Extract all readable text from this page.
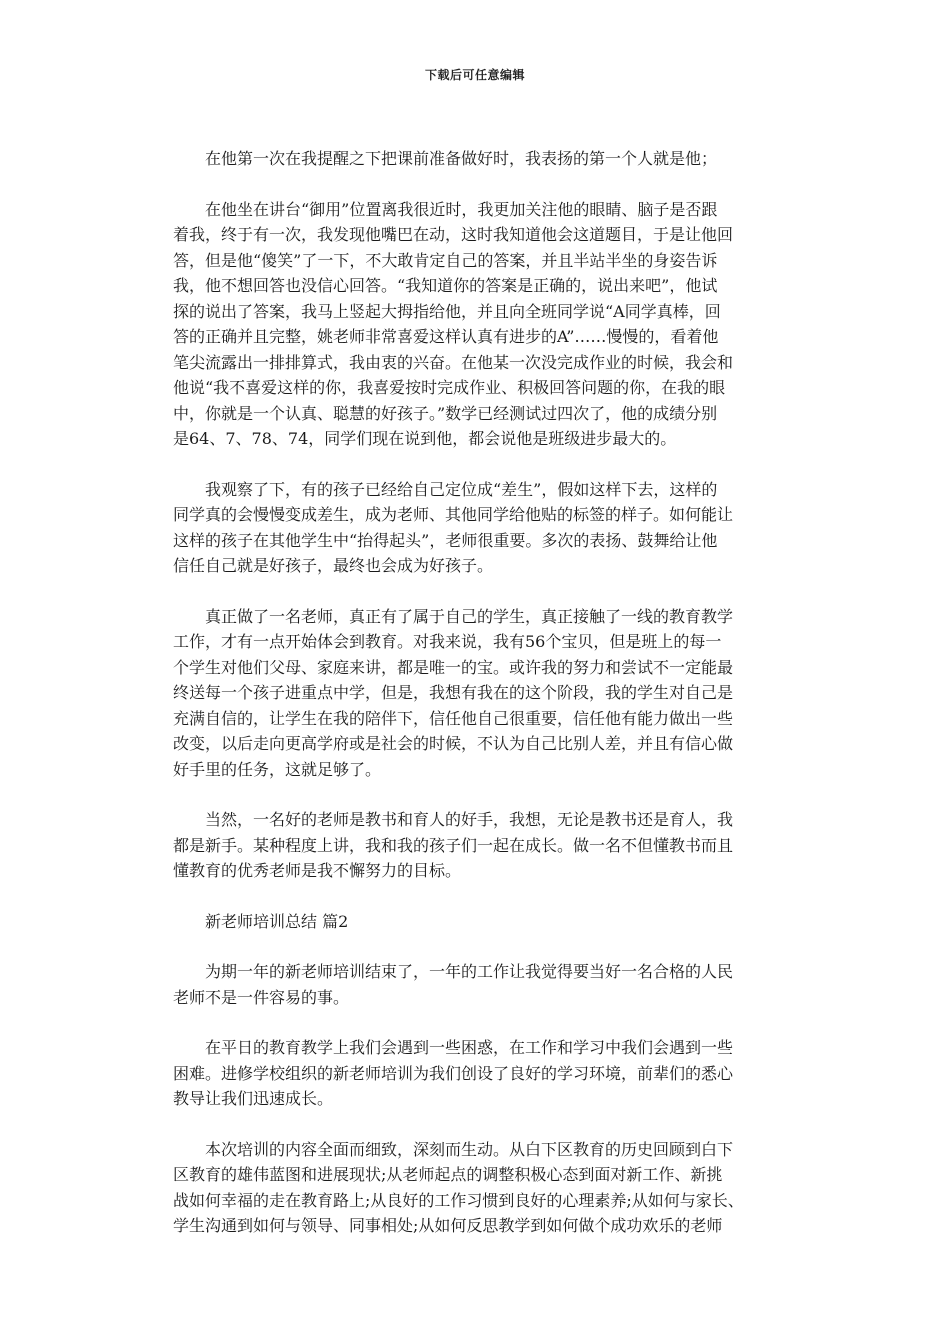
下载后可任意编辑

在他第一次在我提醒之下把课前准备做好时，我表扬的第一个人就是他；

在他坐在讲台“御用”位置离我很近时，我更加关注他的眼睛、脑子是否跟
着我，终于有一次，我发现他嘴巴在动，这时我知道他会这道题目，于是让他回
答，但是他“傻笑”了一下，不大敢肯定自己的答案，并且半站半坐的身姿告诉
我，他不想回答也没信心回答。“我知道你的答案是正确的，说出来吧”，他试
探的说出了答案，我马上竖起大拇指给他，并且向全班同学说“A同学真棒，回
答的正确并且完整，姚老师非常喜爱这样认真有进步的A”……慢慢的，看着他
笔尖流露出一排排算式，我由衷的兴奋。在他某一次没完成作业的时候，我会和
他说“我不喜爱这样的你，我喜爱按时完成作业、积极回答问题的你，在我的眼
中，你就是一个认真、聪慧的好孩子。”数学已经测试过四次了，他的成绩分别
是64、7、78、74，同学们现在说到他，都会说他是班级进步最大的。

我观察了下，有的孩子已经给自己定位成“差生”，假如这样下去，这样的
同学真的会慢慢变成差生，成为老师、其他同学给他贴的标签的样子。如何能让
这样的孩子在其他学生中“抬得起头”，老师很重要。多次的表扬、鼓舞给让他
信任自己就是好孩子，最终也会成为好孩子。

真正做了一名老师，真正有了属于自己的学生，真正接触了一线的教育教学
工作，才有一点开始体会到教育。对我来说，我有56个宝贝，但是班上的每一
个学生对他们父母、家庭来讲，都是唯一的宝。或许我的努力和尝试不一定能最
终送每一个孩子进重点中学，但是，我想有我在的这个阶段，我的学生对自己是
充满自信的，让学生在我的陪伴下，信任他自己很重要，信任他有能力做出一些
改变，以后走向更高学府或是社会的时候，不认为自己比别人差，并且有信心做
好手里的任务，这就足够了。

当然，一名好的老师是教书和育人的好手，我想，无论是教书还是育人，我
都是新手。某种程度上讲，我和我的孩子们一起在成长。做一名不但懂教书而且
懂教育的优秀老师是我不懈努力的目标。

新老师培训总结 篇2

为期一年的新老师培训结束了，一年的工作让我觉得要当好一名合格的人民
老师不是一件容易的事。

在平日的教育教学上我们会遇到一些困惑，在工作和学习中我们会遇到一些
困难。进修学校组织的新老师培训为我们创设了良好的学习环境，前辈们的悉心
教导让我们迅速成长。

本次培训的内容全面而细致，深刻而生动。从白下区教育的历史回顾到白下
区教育的雄伟蓝图和进展现状;从老师起点的调整积极心态到面对新工作、新挑
战如何幸福的走在教育路上;从良好的工作习惯到良好的心理素养;从如何与家长、
学生沟通到如何与领导、同事相处;从如何反思教学到如何做个成功欢乐的老师
